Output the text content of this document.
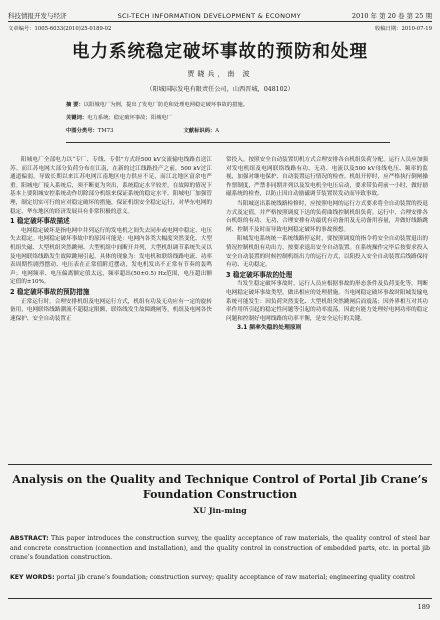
科技情报开发与经济	SCI-TECH INFORMATION DEVELOPMENT & ECONOMY	2010 年 第 20 卷 第 25 期
文章编号：1005-6033(2010)25-0189-02	收稿日期：2010-07-19
电力系统稳定破坏事故的预防和处理
贾晓兵，南 波
（阳城国际发电有限责任公司，山西晋城，048102）
摘 要：以阳城电厂为例，提出了发电厂防范和处理电网稳定破坏事故的措施。
关键词：电力系统；稳定破坏事故；阳城电厂
中图分类号：TM73	文献标识码：A

阳城电厂全部电力以“专厂、专线、专供”方式经500 kV交流输电线路直送江苏。而江苏电网大部分负荷分布在江南，在新的过江线路投产之前，500 kV过江通道偏弱，导致长期以来江苏电网江南地区电力供应不足，而江北地区富余电严重。阳城电厂接入系统后，须不断更为突出，系统稳定水平较差，在故障的情况下基本上要阳城安控系统动作切除部分机组来保证系统的稳定水平。阳城电厂加强管理，制定切实可行的应对稳定破坏的措施，保证机组安全稳定运行，对华东电网的稳定、华东地区的经济发展具有非常积极的意义。

1 稳定破坏事故描述

电网稳定破坏是指电网中并列运行的发电机之间失去同步或电网中稳定、电压失去稳定。电网稳定破坏事故中的原因可能是：电网内各类大幅度突然变化、大型机组失磁、大型机组突然跳闸、大型机组中间断开并列，大型机组调节系统失灵以及电网联络线路发生故障跳闸引起。具体的现象为：发电机和联络线路电流、功率表周期性剧烈摆动、电压表在正常值附近摆动，发电机发出不正常有节奏的轰鸣声；电网频率、电压偏离额定值太远，频率超出(50±0.5) Hz范围，电压超出额定值的±10%。

2 稳定破坏事故的预防措施

正常运行时，合理安排机组及电网运行方式，机组有功及无功应有一定的旋转备用，电网联络线路潮流不超稳定限额，联络线发生故障跳闸等，机组及电网各快速保护、安全自动装置正

常投入。按照安全自动装置切机方式合理安排各台机组负荷分配，运行人员应加强对发电机组及电网联络线路有功、无功、电流以及500 kV母线电压、频率的监视，加强对继电保护、自动装置运行情况的检查。机组开停时，应严格执行倒闸操作票制度，严禁非同期并列以及发电机全电压启动，要求带负荷前一小时，做好励磁系统的检查，以防止因自动励磁调节装置误发动而导致事故。

当阳城送出系统线路检修时，应按照电网的运行方式要求将全自动装置的投退方式及定值，并严格按照调度下达的负荷曲线控制机组负荷。运行中，合理安排各台机组的有功、无功，合理安排有功最优有功备用及无功备用容量，并做好线路跳闸、控制不及时而导致电网稳定破坏的事故预想。

阳城发电系统统一系统线路停运时，要按照调度的指令将安全自动装置退出的情况控制机组有功出力，按要求退出安全自动装置。在系统操作完毕后按要求投入安全自动装置的时候控制机组出力的运行方式，以阳投入安全自动装置后线路保持有功、无功稳定。

3 稳定破坏事故的处理

当发生稳定破坏事故时，运行人员应根据事故的形态条件及负荷变化等，判断电网稳定破坏事故类型，做出相应的处理措施。当电网稳定破坏事故时阳城发输电系统可能发生：因负荷突然变化、大型机组突然跳闸后而震荡；因外界相互对其功率作用所引起的稳定性问题等引起的功率震荡。因此有能力处理好电网功率的稳定问题和控制好电网线路的功率平衡，是安全运行的关键。

3.1 频率失稳的处理原则

Analysis on the Quality and Technique Control of Portal Jib Crane’s Foundation Construction
XU Jin-ming
ABSTRACT: This paper introduces the construction survey, the quality acceptance of raw materials, the quality control of steel bar and concrete construction (connection and installation), and the quality control in construction of embedded parts, etc. in portal jib crane’s foundation construction.
KEY WORDS: portal jib crane’s foundation; construction survey; quality acceptance of raw material; engineering quality control
189
